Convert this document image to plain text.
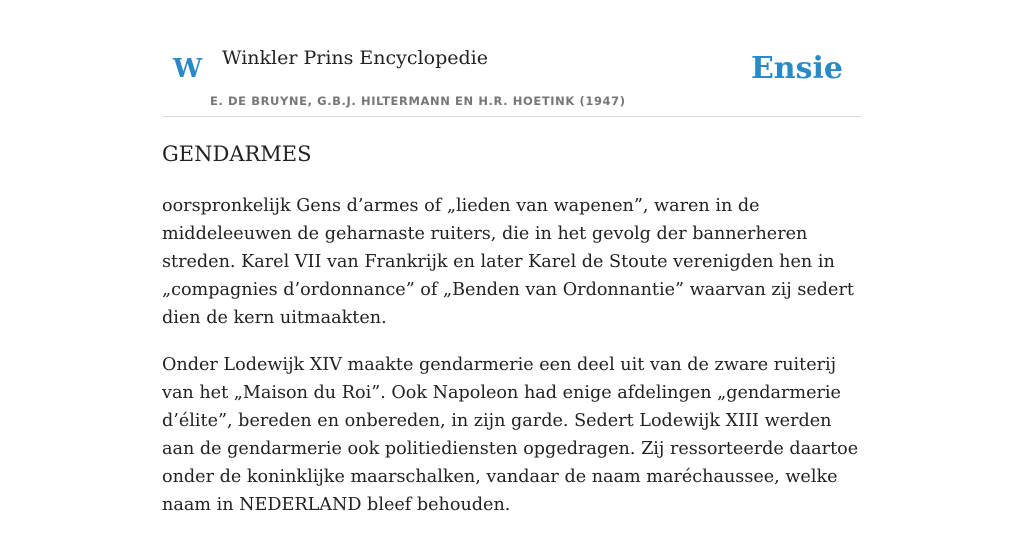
W Winkler Prins Encyclopedie
E. DE BRUYNE, G.B.J. HILTERMANN EN H.R. HOETINK (1947)
Ensie
GENDARMES

oorspronkelijk Gens d’armes of „lieden van wapenen”, waren in de middeleeuwen de geharnaste ruiters, die in het gevolg der bannerheren streden. Karel VII van Frankrijk en later Karel de Stoute verenigden hen in „compagnies d’ordonnance” of „Benden van Ordonnantie” waarvan zij sedert dien de kern uitmaakten.

Onder Lodewijk XIV maakte gendarmerie een deel uit van de zware ruiterij van het „Maison du Roi”. Ook Napoleon had enige afdelingen „gendarmerie d’élite”, bereden en onbereden, in zijn garde. Sedert Lodewijk XIII werden aan de gendarmerie ook politiediensten opgedragen. Zij ressorteerde daartoe onder de koninklijke maarschalken, vandaar de naam maréchaussee, welke naam in NEDERLAND bleef behouden.
